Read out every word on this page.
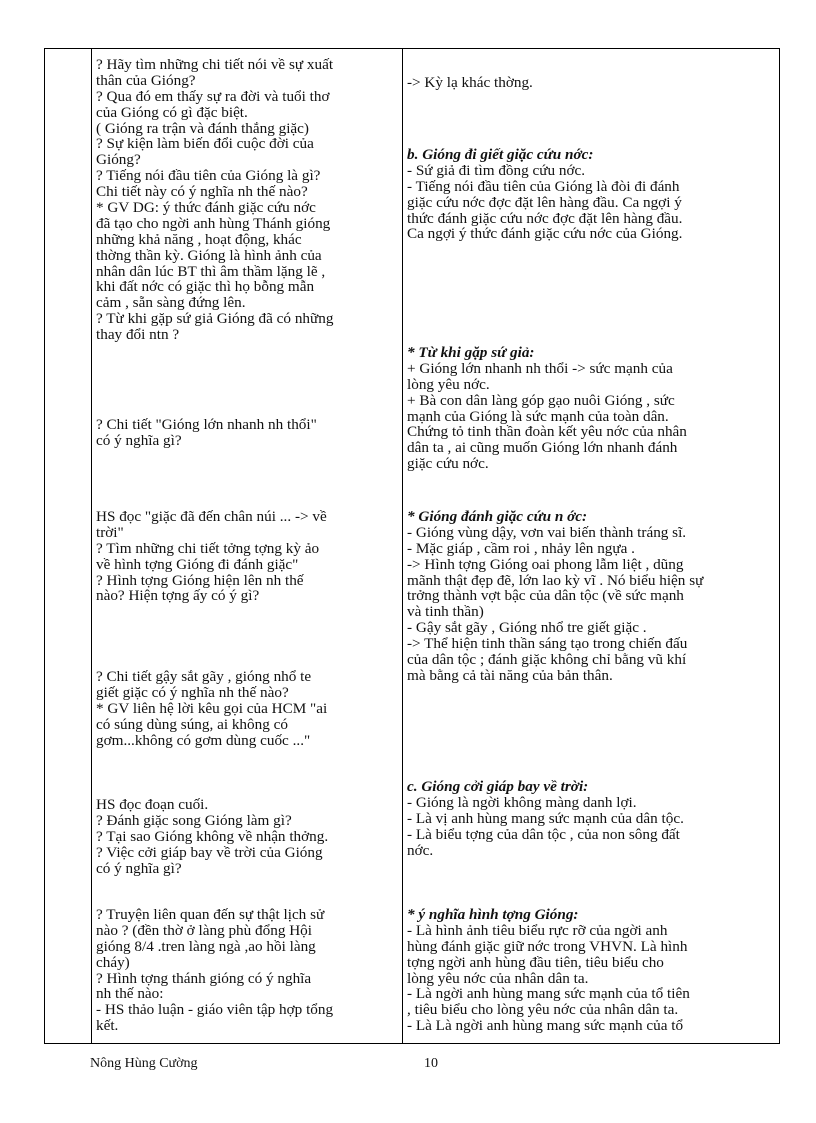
? Hãy tìm những chi tiết nói về sự xuất
thân của Gióng?
? Qua đó em thấy sự ra đời và tuổi thơ
của Gióng có gì đặc biệt.
( Gióng ra trận và đánh thắng giặc)
? Sự kiện làm biến đổi cuộc đời của
Gióng?
? Tiếng nói đầu tiên của Gióng là gì?
Chi tiết này có ý nghĩa nh thế nào?
* GV DG: ý thức đánh giặc cứu nớc
đã tạo cho ngời anh hùng Thánh gióng
những khả năng , hoạt động, khác
thờng thần kỳ. Gióng là hình ảnh của
nhân dân lúc BT thì âm thầm lặng lẽ ,
khi đất nớc có giặc thì họ bỗng mẫn
cảm , sẵn sàng đứng lên.
? Từ khi gặp sứ giả Gióng đã có những
thay đổi ntn ?
? Chi tiết "Gióng lớn nhanh nh thổi"
có ý nghĩa gì?
HS đọc "giặc đã đến chân núi ... -> về
trời"
? Tìm những chi tiết tởng tợng kỳ ảo
về hình tợng Gióng đi đánh giặc"
? Hình tợng Gióng hiện lên nh thế
nào? Hiện tợng ấy có ý gì?
? Chi tiết gậy sắt gãy , gióng nhổ te
giết giặc có ý nghĩa nh thế nào?
* GV liên hệ lời kêu gọi của HCM "ai
có súng dùng súng, ai không có
gơm...không có gơm dùng cuốc ..."
HS đọc đoạn cuối.
? Đánh giặc song Gióng làm gì?
? Tại sao Gióng không về nhận thởng.
? Việc cởi giáp bay về trời của Gióng
có ý nghĩa gì?
? Truyện liên quan đến sự thật lịch sử
nào ? (đền thờ ở làng phù đổng Hội
gióng 8/4 .tren làng ngà ,ao hồi làng
cháy)
? Hình tợng thánh gióng có ý nghĩa
nh thế nào:
- HS thảo luận - giáo viên tập hợp tổng
kết.
-> Kỳ lạ khác thờng.
b. Gióng đi giết giặc cứu nớc:
- Sứ giả đi tìm đồng cứu nớc.
- Tiếng nói đầu tiên của Gióng là đòi đi đánh
giặc cứu nớc đợc đặt lên hàng đầu. Ca ngợi ý
thức đánh giặc cứu nớc đợc đặt lên hàng đầu.
Ca ngợi ý thức đánh giặc cứu nớc của Gióng.
* Từ khi gặp sứ giả:
+ Gióng lớn nhanh nh thổi -> sức mạnh của
lòng yêu nớc.
+ Bà con dân làng góp gạo nuôi Gióng , sức
mạnh của Gióng là sức mạnh của toàn dân.
Chứng tỏ tinh thần đoàn kết yêu nớc của nhân
dân ta , ai cũng muốn Gióng lớn nhanh đánh
giặc cứu nớc.
* Gióng đánh giặc cứu n ớc:
- Gióng vùng dậy, vơn vai biến thành tráng sĩ.
- Mặc giáp , cầm roi , nhảy lên ngựa .
-> Hình tợng Gióng oai phong lẫm liệt , dũng
mãnh thật đẹp đẽ, lớn lao kỳ vĩ . Nó biểu hiện sự
trởng thành vợt bậc của dân tộc (về sức mạnh
và tinh thần)
- Gậy sắt gãy , Gióng nhổ tre giết giặc .
-> Thể hiện tinh thần sáng tạo trong chiến đấu
của dân tộc ; đánh giặc không chỉ bằng vũ khí
mà bằng cả tài năng của bản thân.
c. Gióng cởi giáp bay về trời:
- Gióng là ngời không màng danh lợi.
- Là vị anh hùng mang sức mạnh của dân tộc.
- Là biểu tợng của dân tộc , của non sông đất
nớc.
* ý nghĩa hình tợng Gióng:
- Là hình ảnh tiêu biểu rực rỡ của ngời anh
hùng đánh giặc giữ nớc trong VHVN. Là hình
tợng ngời anh hùng đầu tiên, tiêu biểu cho
lòng yêu nớc của nhân dân ta.
- Là ngời anh hùng mang sức mạnh của tổ tiên
, tiêu biểu cho lòng yêu nớc của nhân dân ta.
- Là Là ngời anh hùng mang sức mạnh của tổ
Nông Hùng Cường	10
